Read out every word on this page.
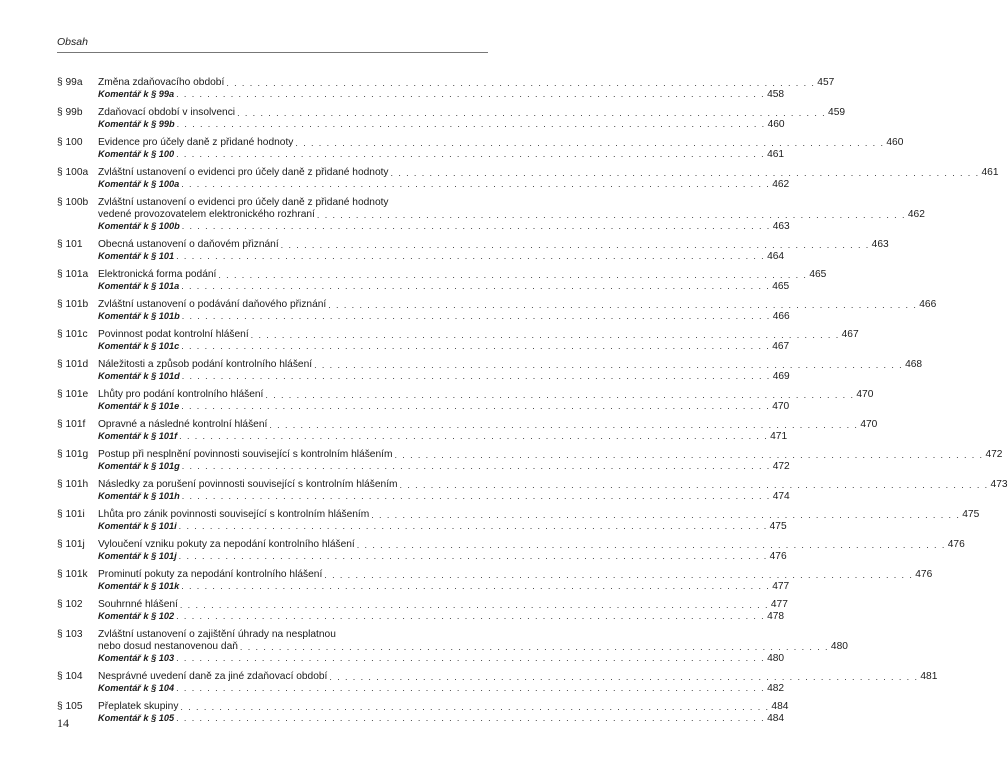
Obsah
§ 99a	Změna zdaňovacího období . . . . . . . . . . . . . . . . . . . . . . . . . . . . . . . . . . . . . . . . . . . . . . . . . . . . . . . . . . . . . . . . . . . . . . . . . . . . 457
Komentář k § 99a . . . . . . . . . . . . . . . . . . . . . . . . . . . . . . . . . . . . . . . . . . . . . . . . . . . . . . . . . . . . . . . . . . . . . . . . . . . . 458
§ 99b	Zdaňovací období v insolvenci . . . . . . . . . . . . . . . . . . . . . . . . . . . . . . . . . . . . . . . . . . . . . . . . . . . . . . . . . . . . . . . . . . . . . . . . . . . . 459
Komentář k § 99b . . . . . . . . . . . . . . . . . . . . . . . . . . . . . . . . . . . . . . . . . . . . . . . . . . . . . . . . . . . . . . . . . . . . . . . . . . . . 460
§ 100	Evidence pro účely daně z přidané hodnoty . . . . . . . . . . . . . . . . . . . . . . . . . . . . . . . . . . . . . . . . . . . . . . . . . . . . . . . . . . . . . . . . . . . . . . . . . . . . 460
Komentář k § 100 . . . . . . . . . . . . . . . . . . . . . . . . . . . . . . . . . . . . . . . . . . . . . . . . . . . . . . . . . . . . . . . . . . . . . . . . . . . . 461
§ 100a Zvláštní ustanovení o evidenci pro účely daně z přidané hodnoty . . . . . . . . . . . . . . . . . . . . . . . . . . . . . . . . . . . . . . . . . . . . . . . . . . . . . . . . . . . . . . . . . . . . . . . . . . . . 461
Komentář k § 100a . . . . . . . . . . . . . . . . . . . . . . . . . . . . . . . . . . . . . . . . . . . . . . . . . . . . . . . . . . . . . . . . . . . . . . . . . . . . 462
§ 100b Zvláštní ustanovení o evidenci pro účely daně z přidané hodnoty
vedené provozovatelem elektronického rozhraní . . . . . . . . . . . . . . . . . . . . . . . . . . . . . . . . . . . . . . . . . . . . . . . . . . . . . . . . . . . . . . . . . . . . . . . . . . . . 462
Komentář k § 100b . . . . . . . . . . . . . . . . . . . . . . . . . . . . . . . . . . . . . . . . . . . . . . . . . . . . . . . . . . . . . . . . . . . . . . . . . . . . 463
§ 101	Obecná ustanovení o daňovém přiznání . . . . . . . . . . . . . . . . . . . . . . . . . . . . . . . . . . . . . . . . . . . . . . . . . . . . . . . . . . . . . . . . . . . . . . . . . . . . 463
Komentář k § 101 . . . . . . . . . . . . . . . . . . . . . . . . . . . . . . . . . . . . . . . . . . . . . . . . . . . . . . . . . . . . . . . . . . . . . . . . . . . . 464
§ 101a Elektronická forma podání . . . . . . . . . . . . . . . . . . . . . . . . . . . . . . . . . . . . . . . . . . . . . . . . . . . . . . . . . . . . . . . . . . . . . . . . . . . . 465
Komentář k § 101a . . . . . . . . . . . . . . . . . . . . . . . . . . . . . . . . . . . . . . . . . . . . . . . . . . . . . . . . . . . . . . . . . . . . . . . . . . . . 465
§ 101b Zvláštní ustanovení o podávání daňového přiznání . . . . . . . . . . . . . . . . . . . . . . . . . . . . . . . . . . . . . . . . . . . . . . . . . . . . . . . . . . . . . . . . . . . . . . . . . . . . 466
Komentář k § 101b . . . . . . . . . . . . . . . . . . . . . . . . . . . . . . . . . . . . . . . . . . . . . . . . . . . . . . . . . . . . . . . . . . . . . . . . . . . . 466
§ 101c	Povinnost podat kontrolní hlášení . . . . . . . . . . . . . . . . . . . . . . . . . . . . . . . . . . . . . . . . . . . . . . . . . . . . . . . . . . . . . . . . . . . . . . . . . . . . 467
Komentář k § 101c . . . . . . . . . . . . . . . . . . . . . . . . . . . . . . . . . . . . . . . . . . . . . . . . . . . . . . . . . . . . . . . . . . . . . . . . . . . . 467
§ 101d Náležitosti a způsob podání kontrolního hlášení . . . . . . . . . . . . . . . . . . . . . . . . . . . . . . . . . . . . . . . . . . . . . . . . . . . . . . . . . . . . . . . . . . . . . . . . . . . . 468
Komentář k § 101d . . . . . . . . . . . . . . . . . . . . . . . . . . . . . . . . . . . . . . . . . . . . . . . . . . . . . . . . . . . . . . . . . . . . . . . . . . . . 469
§ 101e Lhůty pro podání kontrolního hlášení . . . . . . . . . . . . . . . . . . . . . . . . . . . . . . . . . . . . . . . . . . . . . . . . . . . . . . . . . . . . . . . . . . . . . . . . . . . . 470
Komentář k § 101e . . . . . . . . . . . . . . . . . . . . . . . . . . . . . . . . . . . . . . . . . . . . . . . . . . . . . . . . . . . . . . . . . . . . . . . . . . . . 470
§ 101f	Opravné a následné kontrolní hlášení . . . . . . . . . . . . . . . . . . . . . . . . . . . . . . . . . . . . . . . . . . . . . . . . . . . . . . . . . . . . . . . . . . . . . . . . . . . . 470
Komentář k § 101f . . . . . . . . . . . . . . . . . . . . . . . . . . . . . . . . . . . . . . . . . . . . . . . . . . . . . . . . . . . . . . . . . . . . . . . . . . . . 471
§ 101g Postup při nesplnění povinnosti související s kontrolním hlášením . . . . . . . . . . . . . . . . . . . . . . . . . . . . . . . . . . . . . . . . . . . . . . . . . . . . . . . . . . . . . . . . . . . . . . . . . . . . 472
Komentář k § 101g . . . . . . . . . . . . . . . . . . . . . . . . . . . . . . . . . . . . . . . . . . . . . . . . . . . . . . . . . . . . . . . . . . . . . . . . . . . . 472
§ 101h Následky za porušení povinnosti související s kontrolním hlášením . . . . . . . . . . . . . . . . . . . . . . . . . . . . . . . . . . . . . . . . . . . . . . . . . . . . . . . . . . . . . . . . . . . . . . . . . . . . 473
Komentář k § 101h . . . . . . . . . . . . . . . . . . . . . . . . . . . . . . . . . . . . . . . . . . . . . . . . . . . . . . . . . . . . . . . . . . . . . . . . . . . . 474
§ 101i	Lhůta pro zánik povinnosti související s kontrolním hlášením . . . . . . . . . . . . . . . . . . . . . . . . . . . . . . . . . . . . . . . . . . . . . . . . . . . . . . . . . . . . . . . . . . . . . . . . . . . . 475
Komentář k § 101i . . . . . . . . . . . . . . . . . . . . . . . . . . . . . . . . . . . . . . . . . . . . . . . . . . . . . . . . . . . . . . . . . . . . . . . . . . . . 475
§ 101j	Vyloučení vzniku pokuty za nepodání kontrolního hlášení . . . . . . . . . . . . . . . . . . . . . . . . . . . . . . . . . . . . . . . . . . . . . . . . . . . . . . . . . . . . . . . . . . . . . . . . . . . . 476
Komentář k § 101j . . . . . . . . . . . . . . . . . . . . . . . . . . . . . . . . . . . . . . . . . . . . . . . . . . . . . . . . . . . . . . . . . . . . . . . . . . . . 476
§ 101k	Prominutí pokuty za nepodání kontrolního hlášení . . . . . . . . . . . . . . . . . . . . . . . . . . . . . . . . . . . . . . . . . . . . . . . . . . . . . . . . . . . . . . . . . . . . . . . . . . . . 476
Komentář k § 101k . . . . . . . . . . . . . . . . . . . . . . . . . . . . . . . . . . . . . . . . . . . . . . . . . . . . . . . . . . . . . . . . . . . . . . . . . . . . 477
§ 102	Souhrnné hlášení . . . . . . . . . . . . . . . . . . . . . . . . . . . . . . . . . . . . . . . . . . . . . . . . . . . . . . . . . . . . . . . . . . . . . . . . . . . . 477
Komentář k § 102 . . . . . . . . . . . . . . . . . . . . . . . . . . . . . . . . . . . . . . . . . . . . . . . . . . . . . . . . . . . . . . . . . . . . . . . . . . . . 478
§ 103	Zvláštní ustanovení o zajištění úhrady na nesplatnou
nebo dosud nestanovenou daň . . . . . . . . . . . . . . . . . . . . . . . . . . . . . . . . . . . . . . . . . . . . . . . . . . . . . . . . . . . . . . . . . . . . . . . . . . . . 480
Komentář k § 103 . . . . . . . . . . . . . . . . . . . . . . . . . . . . . . . . . . . . . . . . . . . . . . . . . . . . . . . . . . . . . . . . . . . . . . . . . . . . 480
§ 104	Nesprávné uvedení daně za jiné zdaňovací období . . . . . . . . . . . . . . . . . . . . . . . . . . . . . . . . . . . . . . . . . . . . . . . . . . . . . . . . . . . . . . . . . . . . . . . . . . . . 481
Komentář k § 104 . . . . . . . . . . . . . . . . . . . . . . . . . . . . . . . . . . . . . . . . . . . . . . . . . . . . . . . . . . . . . . . . . . . . . . . . . . . . 482
§ 105	Přeplatek skupiny . . . . . . . . . . . . . . . . . . . . . . . . . . . . . . . . . . . . . . . . . . . . . . . . . . . . . . . . . . . . . . . . . . . . . . . . . . . . 484
Komentář k § 105 . . . . . . . . . . . . . . . . . . . . . . . . . . . . . . . . . . . . . . . . . . . . . . . . . . . . . . . . . . . . . . . . . . . . . . . . . . . . 484
14
